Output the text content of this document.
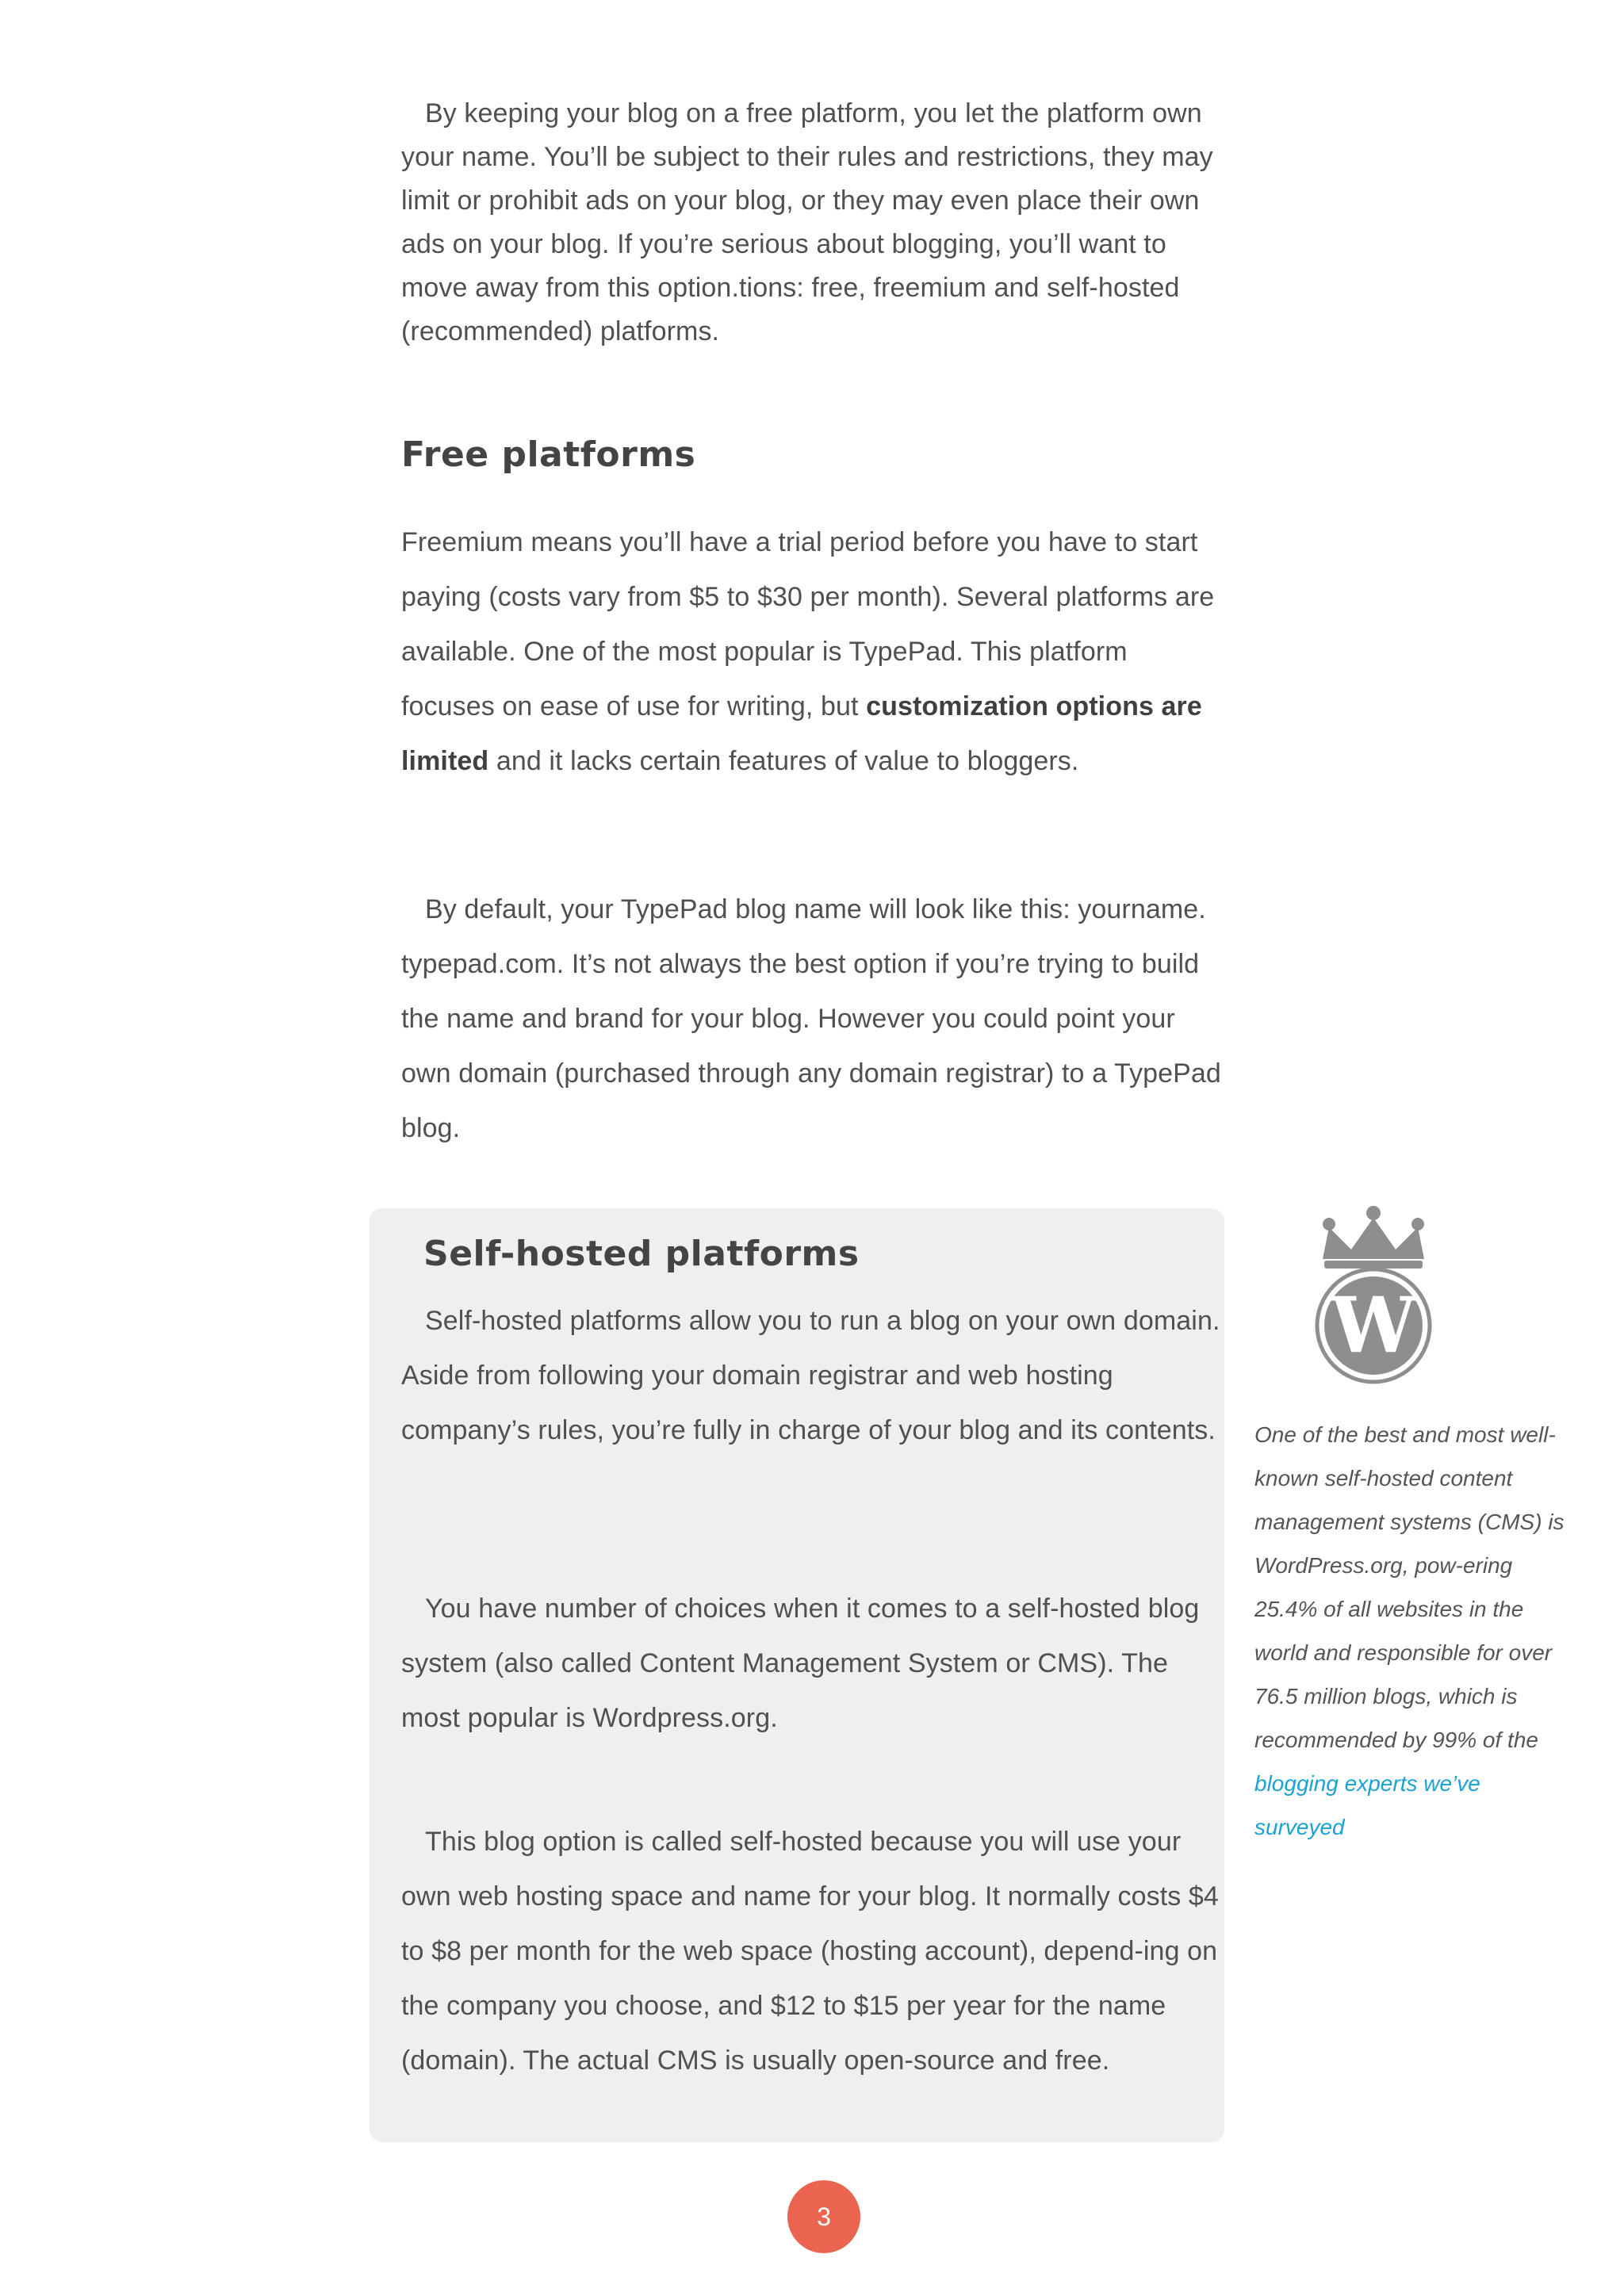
By keeping your blog on a free platform, you let the platform own your name. You’ll be subject to their rules and restrictions, they may limit or prohibit ads on your blog, or they may even place their own ads on your blog. If you’re serious about blogging, you’ll want to move away from this option.tions: free, freemium and self-hosted (recommended) platforms.

Free platforms

Freemium means you’ll have a trial period before you have to start paying (costs vary from $5 to $30 per month). Several platforms are available. One of the most popular is TypePad. This platform focuses on ease of use for writing, but customization options are limited and it lacks certain features of value to bloggers.

By default, your TypePad blog name will look like this: yourname. typepad.com. It’s not always the best option if you’re trying to build the name and brand for your blog. However you could point your own domain (purchased through any domain registrar) to a TypePad blog.

Self-hosted platforms

Self-hosted platforms allow you to run a blog on your own domain. Aside from following your domain registrar and web hosting company’s rules, you’re fully in charge of your blog and its contents.

You have number of choices when it comes to a self-hosted blog system (also called Content Management System or CMS). The most popular is Wordpress.org.

This blog option is called self-hosted because you will use your own web hosting space and name for your blog. It normally costs $4 to $8 per month for the web space (hosting account), depend-ing on the company you choose, and $12 to $15 per year for the name (domain). The actual CMS is usually open-source and free.

W

One of the best and most well-known self-hosted content management systems (CMS) is WordPress.org, pow-ering 25.4% of all websites in the world and responsible for over 76.5 million blogs, which is recommended by 99% of the blogging experts we’ve surveyed

3
